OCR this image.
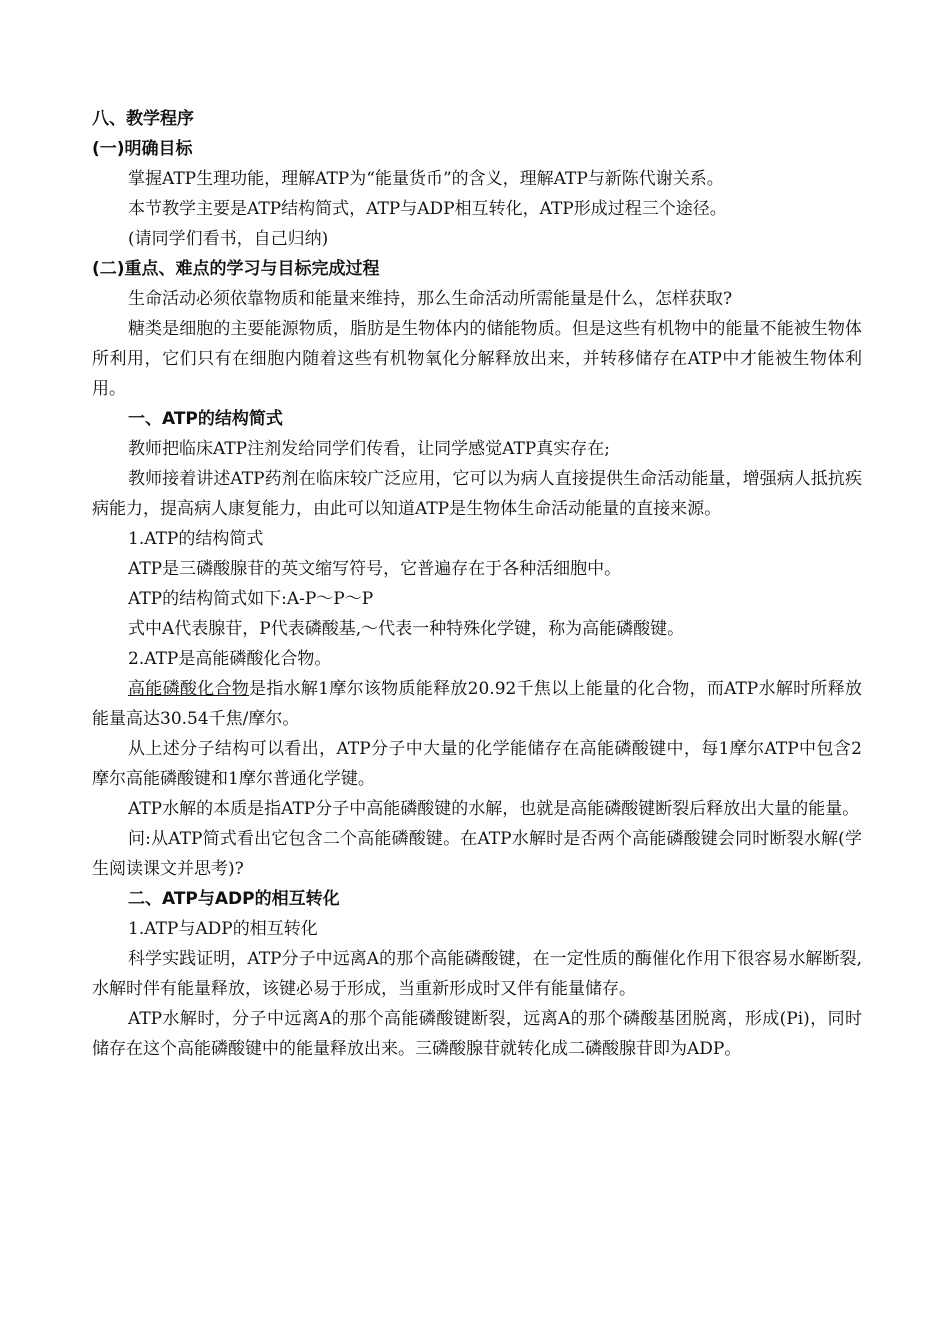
八、教学程序

(一)明确目标

掌握ATP生理功能，理解ATP为“能量货币”的含义，理解ATP与新陈代谢关系。

本节教学主要是ATP结构简式，ATP与ADP相互转化，ATP形成过程三个途径。

(请同学们看书，自己归纳)

(二)重点、难点的学习与目标完成过程

生命活动必须依靠物质和能量来维持，那么生命活动所需能量是什么，怎样获取?

糖类是细胞的主要能源物质，脂肪是生物体内的储能物质。但是这些有机物中的能量不能被生物体所利用，它们只有在细胞内随着这些有机物氧化分解释放出来，并转移储存在ATP中才能被生物体利用。

一、ATP的结构简式

教师把临床ATP注剂发给同学们传看，让同学感觉ATP真实存在;

教师接着讲述ATP药剂在临床较广泛应用，它可以为病人直接提供生命活动能量，增强病人抵抗疾病能力，提高病人康复能力，由此可以知道ATP是生物体生命活动能量的直接来源。

1.ATP的结构简式

ATP是三磷酸腺苷的英文缩写符号，它普遍存在于各种活细胞中。

ATP的结构简式如下:A-P～P～P

式中A代表腺苷，P代表磷酸基,～代表一种特殊化学键，称为高能磷酸键。

2.ATP是高能磷酸化合物。

高能磷酸化合物是指水解1摩尔该物质能释放20.92千焦以上能量的化合物，而ATP水解时所释放能量高达30.54千焦/摩尔。

从上述分子结构可以看出，ATP分子中大量的化学能储存在高能磷酸键中，每1摩尔ATP中包含2摩尔高能磷酸键和1摩尔普通化学键。

ATP水解的本质是指ATP分子中高能磷酸键的水解，也就是高能磷酸键断裂后释放出大量的能量。

问:从ATP简式看出它包含二个高能磷酸键。在ATP水解时是否两个高能磷酸键会同时断裂水解(学生阅读课文并思考)?

二、ATP与ADP的相互转化

1.ATP与ADP的相互转化

科学实践证明，ATP分子中远离A的那个高能磷酸键，在一定性质的酶催化作用下很容易水解断裂,水解时伴有能量释放，该键必易于形成，当重新形成时又伴有能量储存。

ATP水解时，分子中远离A的那个高能磷酸键断裂，远离A的那个磷酸基团脱离，形成(Pi)，同时储存在这个高能磷酸键中的能量释放出来。三磷酸腺苷就转化成二磷酸腺苷即为ADP。
